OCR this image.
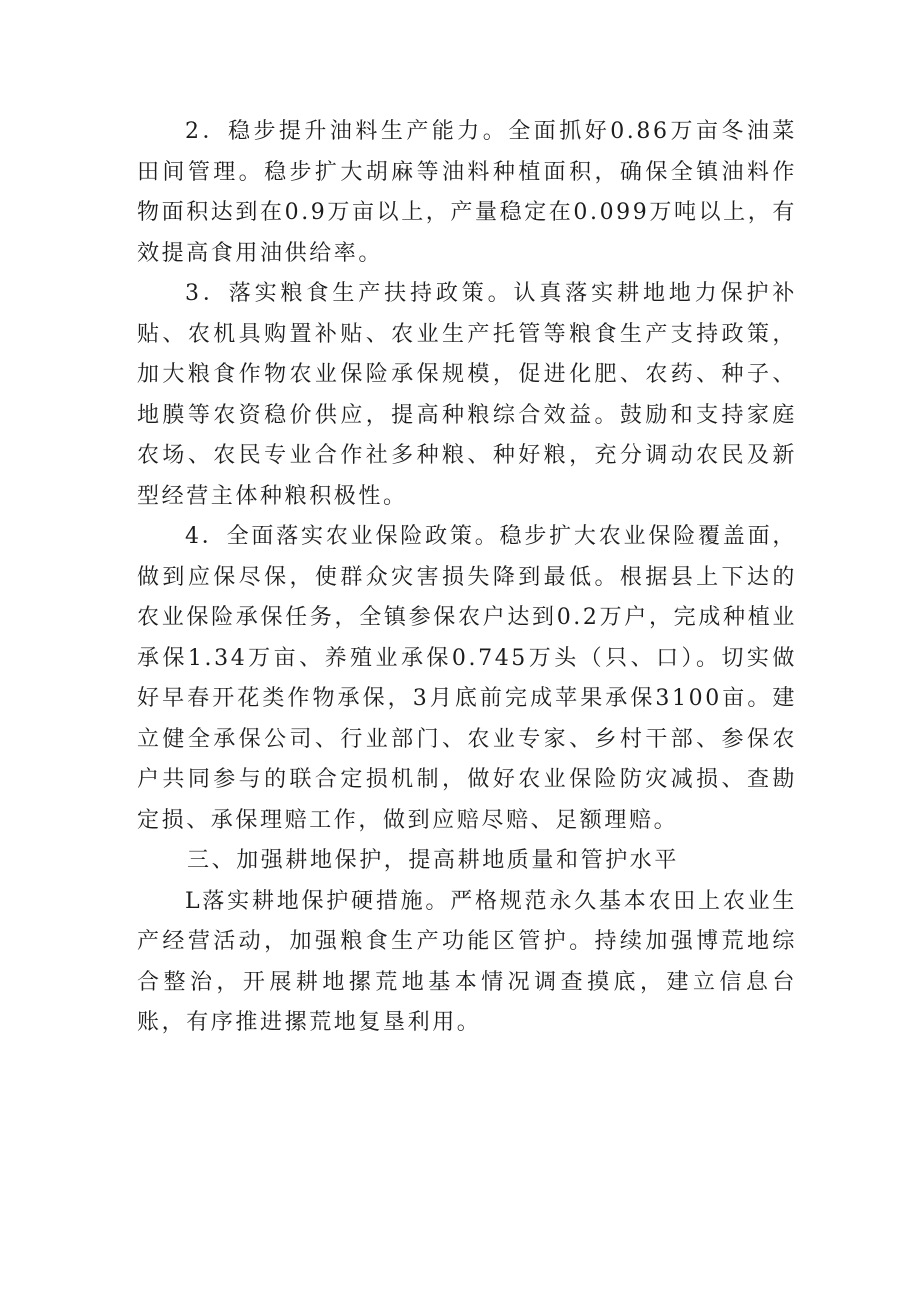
2．稳步提升油料生产能力。全面抓好0.86万亩冬油菜田间管理。稳步扩大胡麻等油料种植面积，确保全镇油料作物面积达到在0.9万亩以上，产量稳定在0.099万吨以上，有效提高食用油供给率。

3．落实粮食生产扶持政策。认真落实耕地地力保护补贴、农机具购置补贴、农业生产托管等粮食生产支持政策，加大粮食作物农业保险承保规模，促进化肥、农药、种子、地膜等农资稳价供应，提高种粮综合效益。鼓励和支持家庭农场、农民专业合作社多种粮、种好粮，充分调动农民及新型经营主体种粮积极性。

4．全面落实农业保险政策。稳步扩大农业保险覆盖面，做到应保尽保，使群众灾害损失降到最低。根据县上下达的农业保险承保任务，全镇参保农户达到0.2万户，完成种植业承保1.34万亩、养殖业承保0.745万头（只、口）。切实做好早春开花类作物承保，3月底前完成苹果承保3100亩。建立健全承保公司、行业部门、农业专家、乡村干部、参保农户共同参与的联合定损机制，做好农业保险防灾减损、查勘定损、承保理赔工作，做到应赔尽赔、足额理赔。

三、加强耕地保护，提高耕地质量和管护水平

L落实耕地保护硬措施。严格规范永久基本农田上农业生产经营活动，加强粮食生产功能区管护。持续加强博荒地综合整治，开展耕地摞荒地基本情况调查摸底，建立信息台账，有序推进摞荒地复垦利用。
